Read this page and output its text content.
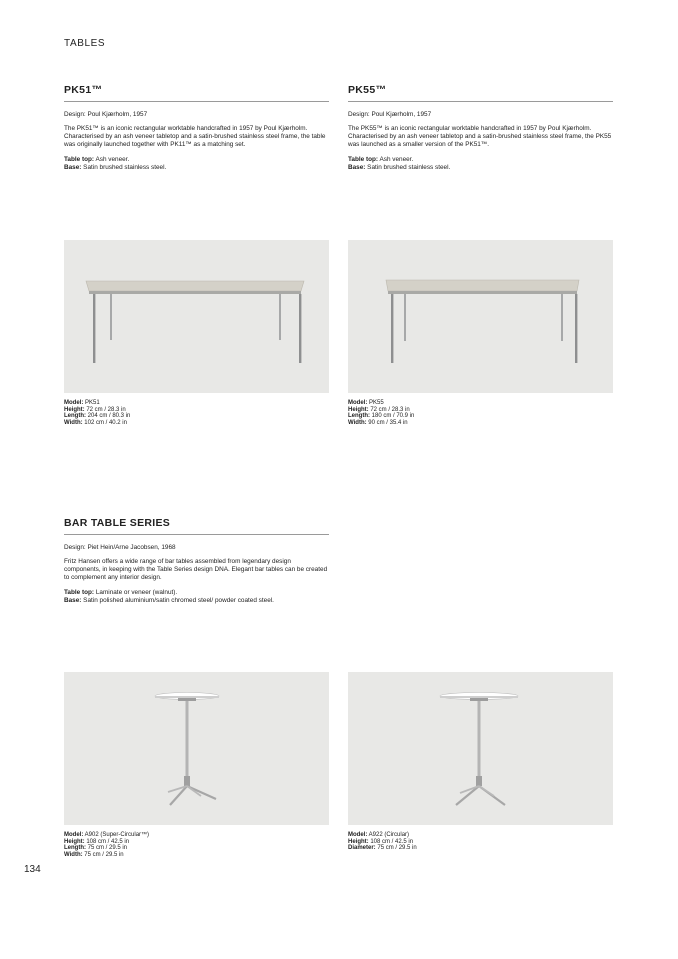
TABLES
PK51™
Design: Poul Kjærholm, 1957
The PK51™ is an iconic rectangular worktable handcrafted in 1957 by Poul Kjærholm. Characterised by an ash veneer tabletop and a satin-brushed stainless steel frame, the table was originally launched together with PK11™ as a matching set.
Table top: Ash veneer.
Base: Satin brushed stainless steel.
PK55™
Design: Poul Kjærholm, 1957
The PK55™ is an iconic rectangular worktable handcrafted in 1957 by Poul Kjærholm. Characterised by an ash veneer tabletop and a satin-brushed stainless steel frame, the PK55 was launched as a smaller version of the PK51™.
Table top: Ash veneer.
Base: Satin brushed stainless steel.
Model: PK51
Height: 72 cm / 28.3 in
Length: 204 cm / 80.3 in
Width: 102 cm / 40.2 in
Model: PK55
Height: 72 cm / 28.3 in
Length: 180 cm / 70.9 in
Width: 90 cm / 35.4 in
BAR TABLE SERIES
Design: Piet Hein/Arne Jacobsen, 1968
Fritz Hansen offers a wide range of bar tables assembled from legendary design components, in keeping with the Table Series design DNA. Elegant bar tables can be created to complement any interior design.
Table top: Laminate or veneer (walnut).
Base: Satin polished aluminium/satin chromed steel/ powder coated steel.
Model: A902 (Super-Circular™)
Height: 108 cm / 42.5 in
Length: 75 cm / 29.5 in
Width: 75 cm / 29.5 in
Model: A922 (Circular)
Height: 108 cm / 42.5 in
Diameter: 75 cm / 29.5 in
134
